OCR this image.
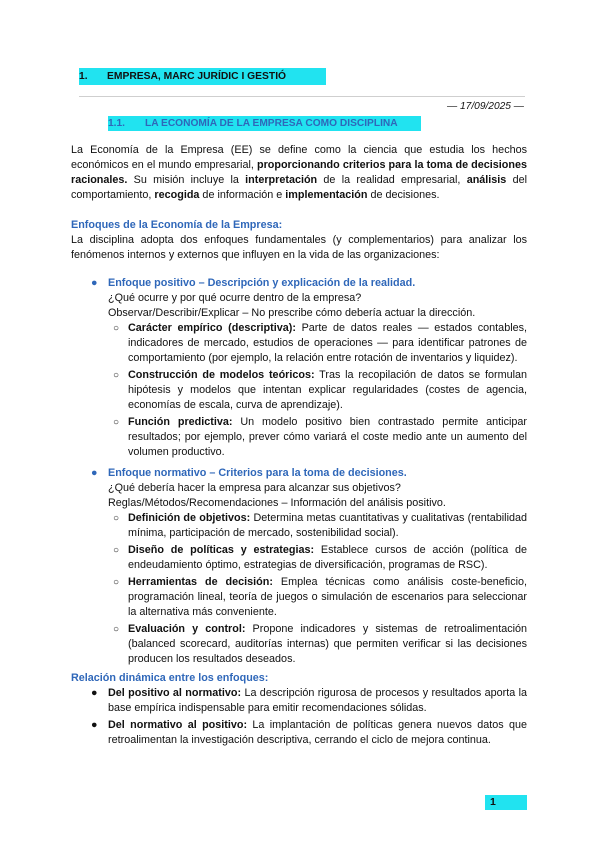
1. EMPRESA, MARC JURÍDIC I GESTIÓ
— 17/09/2025 —
1.1. LA ECONOMÍA DE LA EMPRESA COMO DISCIPLINA

La Economía de la Empresa (EE) se define como la ciencia que estudia los hechos económicos en el mundo empresarial, proporcionando criterios para la toma de decisiones racionales. Su misión incluye la interpretación de la realidad empresarial, análisis del comportamiento, recogida de información e implementación de decisiones.

Enfoques de la Economía de la Empresa:

La disciplina adopta dos enfoques fundamentales (y complementarios) para analizar los fenómenos internos y externos que influyen en la vida de las organizaciones:

● Enfoque positivo – Descripción y explicación de la realidad.
¿Qué ocurre y por qué ocurre dentro de la empresa?
Observar/Describir/Explicar – No prescribe cómo debería actuar la dirección.
○ Carácter empírico (descriptiva): Parte de datos reales — estados contables, indicadores de mercado, estudios de operaciones — para identificar patrones de comportamiento (por ejemplo, la relación entre rotación de inventarios y liquidez).
○ Construcción de modelos teóricos: Tras la recopilación de datos se formulan hipótesis y modelos que intentan explicar regularidades (costes de agencia, economías de escala, curva de aprendizaje).
○ Función predictiva: Un modelo positivo bien contrastado permite anticipar resultados; por ejemplo, prever cómo variará el coste medio ante un aumento del volumen productivo.
● Enfoque normativo – Criterios para la toma de decisiones.
¿Qué debería hacer la empresa para alcanzar sus objetivos?
Reglas/Métodos/Recomendaciones – Información del análisis positivo.
○ Definición de objetivos: Determina metas cuantitativas y cualitativas (rentabilidad mínima, participación de mercado, sostenibilidad social).
○ Diseño de políticas y estrategias: Establece cursos de acción (política de endeudamiento óptimo, estrategias de diversificación, programas de RSC).
○ Herramientas de decisión: Emplea técnicas como análisis coste-beneficio, programación lineal, teoría de juegos o simulación de escenarios para seleccionar la alternativa más conveniente.
○ Evaluación y control: Propone indicadores y sistemas de retroalimentación (balanced scorecard, auditorías internas) que permiten verificar si las decisiones producen los resultados deseados.

Relación dinámica entre los enfoques:

● Del positivo al normativo: La descripción rigurosa de procesos y resultados aporta la base empírica indispensable para emitir recomendaciones sólidas.
● Del normativo al positivo: La implantación de políticas genera nuevos datos que retroalimentan la investigación descriptiva, cerrando el ciclo de mejora continua.
1
